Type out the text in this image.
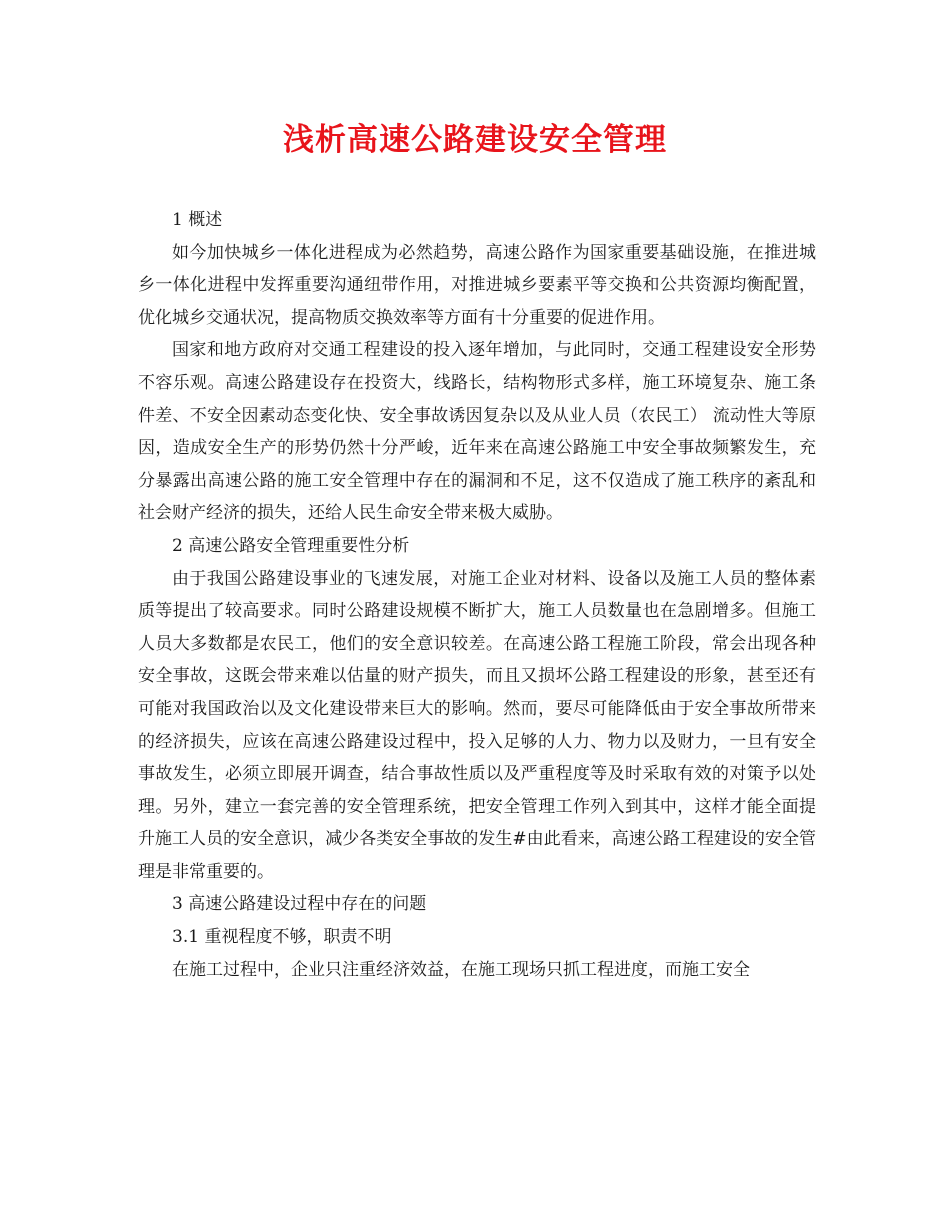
浅析高速公路建设安全管理

1 概述

如今加快城乡一体化进程成为必然趋势，高速公路作为国家重要基础设施，在推进城乡一体化进程中发挥重要沟通纽带作用，对推进城乡要素平等交换和公共资源均衡配置，优化城乡交通状况，提高物质交换效率等方面有十分重要的促进作用。

国家和地方政府对交通工程建设的投入逐年增加，与此同时，交通工程建设安全形势不容乐观。高速公路建设存在投资大，线路长，结构物形式多样，施工环境复杂、施工条件差、不安全因素动态变化快、安全事故诱因复杂以及从业人员（农民工） 流动性大等原因，造成安全生产的形势仍然十分严峻，近年来在高速公路施工中安全事故频繁发生，充分暴露出高速公路的施工安全管理中存在的漏洞和不足，这不仅造成了施工秩序的紊乱和社会财产经济的损失，还给人民生命安全带来极大威胁。

2 高速公路安全管理重要性分析

由于我国公路建设事业的飞速发展，对施工企业对材料、设备以及施工人员的整体素质等提出了较高要求。同时公路建设规模不断扩大，施工人员数量也在急剧增多。但施工人员大多数都是农民工，他们的安全意识较差。在高速公路工程施工阶段，常会出现各种安全事故，这既会带来难以估量的财产损失，而且又损坏公路工程建设的形象，甚至还有可能对我国政治以及文化建设带来巨大的影响。然而，要尽可能降低由于安全事故所带来的经济损失，应该在高速公路建设过程中，投入足够的人力、物力以及财力，一旦有安全事故发生，必须立即展开调查，结合事故性质以及严重程度等及时采取有效的对策予以处理。另外，建立一套完善的安全管理系统，把安全管理工作列入到其中，这样才能全面提升施工人员的安全意识，减少各类安全事故的发生#由此看来，高速公路工程建设的安全管理是非常重要的。

3 高速公路建设过程中存在的问题

3.1 重视程度不够，职责不明

在施工过程中，企业只注重经济效益，在施工现场只抓工程进度，而施工安全
